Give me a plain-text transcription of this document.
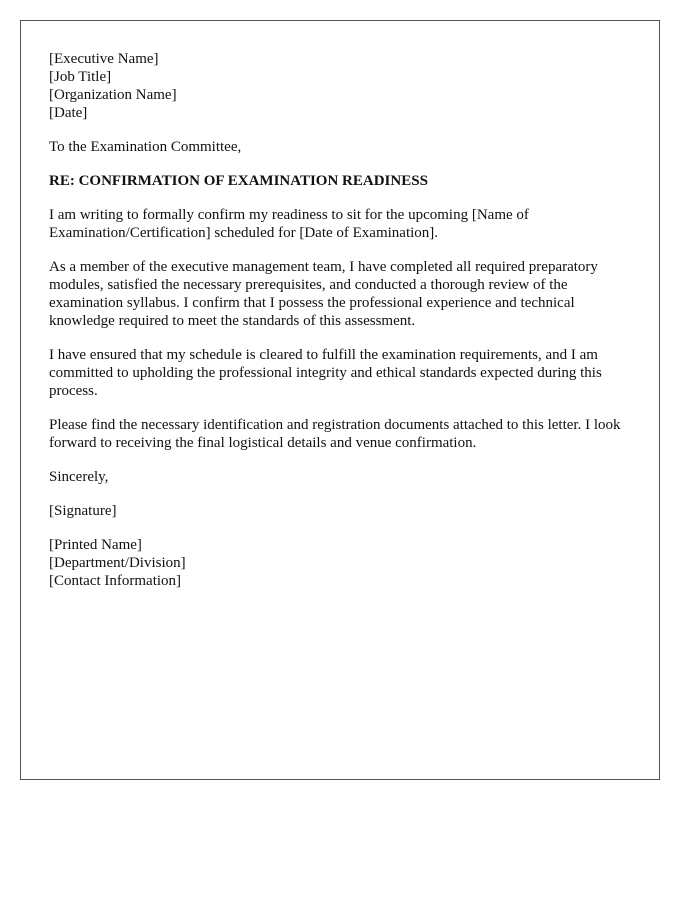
[Executive Name]
[Job Title]
[Organization Name]
[Date]

To the Examination Committee,

RE: CONFIRMATION OF EXAMINATION READINESS

I am writing to formally confirm my readiness to sit for the upcoming [Name of Examination/Certification] scheduled for [Date of Examination].

As a member of the executive management team, I have completed all required preparatory modules, satisfied the necessary prerequisites, and conducted a thorough review of the examination syllabus. I confirm that I possess the professional experience and technical knowledge required to meet the standards of this assessment.

I have ensured that my schedule is cleared to fulfill the examination requirements, and I am committed to upholding the professional integrity and ethical standards expected during this process.

Please find the necessary identification and registration documents attached to this letter. I look forward to receiving the final logistical details and venue confirmation.

Sincerely,

[Signature]

[Printed Name]
[Department/Division]
[Contact Information]
